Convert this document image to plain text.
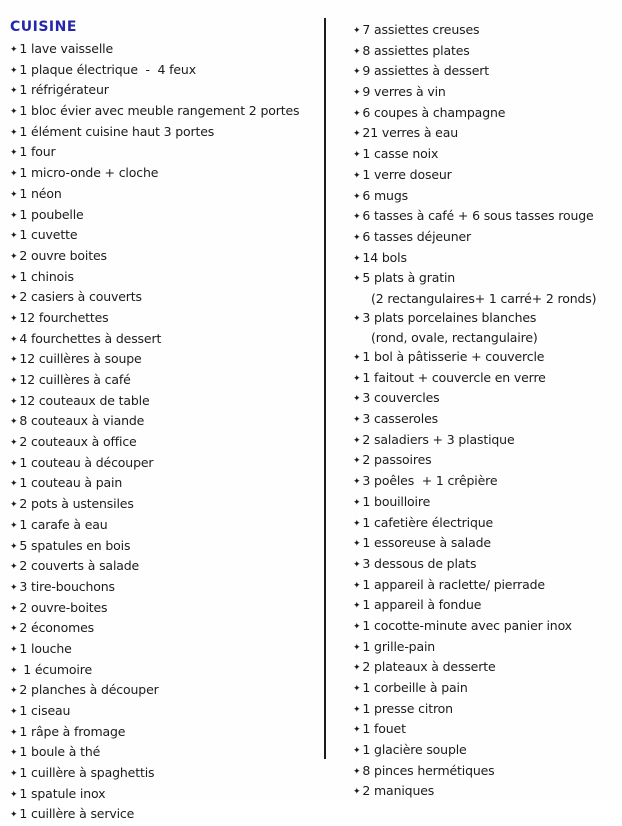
CUISINE
✦ 1 lave vaisselle
✦ 1 plaque électrique  -  4 feux
✦ 1 réfrigérateur
✦ 1 bloc évier avec meuble rangement 2 portes
✦ 1 élément cuisine haut 3 portes
✦ 1 four
✦ 1 micro-onde + cloche
✦ 1 néon
✦ 1 poubelle
✦ 1 cuvette
✦ 2 ouvre boites
✦ 1 chinois
✦ 2 casiers à couverts
✦ 12 fourchettes
✦ 4 fourchettes à dessert
✦ 12 cuillères à soupe
✦ 12 cuillères à café
✦ 12 couteaux de table
✦ 8 couteaux à viande
✦ 2 couteaux à office
✦ 1 couteau à découper
✦ 1 couteau à pain
✦ 2 pots à ustensiles
✦ 1 carafe à eau
✦ 5 spatules en bois
✦ 2 couverts à salade
✦ 3 tire-bouchons
✦ 2 ouvre-boites
✦ 2 économes
✦ 1 louche
✦ 1 écumoire
✦ 2 planches à découper
✦ 1 ciseau
✦ 1 râpe à fromage
✦ 1 boule à thé
✦ 1 cuillère à spaghettis
✦ 1 spatule inox
✦ 1 cuillère à service
✦ 7 assiettes creuses
✦ 8 assiettes plates
✦ 9 assiettes à dessert
✦ 9 verres à vin
✦ 6 coupes à champagne
✦ 21 verres à eau
✦ 1 casse noix
✦ 1 verre doseur
✦ 6 mugs
✦ 6 tasses à café + 6 sous tasses rouge
✦ 6 tasses déjeuner
✦ 14 bols
✦ 5 plats à gratin
(2 rectangulaires+ 1 carré+ 2 ronds)
✦ 3 plats porcelaines blanches
(rond, ovale, rectangulaire)
✦ 1 bol à pâtisserie + couvercle
✦ 1 faitout + couvercle en verre
✦ 3 couvercles
✦ 3 casseroles
✦ 2 saladiers + 3 plastique
✦ 2 passoires
✦ 3 poêles  + 1 crêpière
✦ 1 bouilloire
✦ 1 cafetière électrique
✦ 1 essoreuse à salade
✦ 3 dessous de plats
✦ 1 appareil à raclette/ pierrade
✦ 1 appareil à fondue
✦ 1 cocotte-minute avec panier inox
✦ 1 grille-pain
✦ 2 plateaux à desserte
✦ 1 corbeille à pain
✦ 1 presse citron
✦ 1 fouet
✦ 1 glacière souple
✦ 8 pinces hermétiques
✦ 2 maniques
